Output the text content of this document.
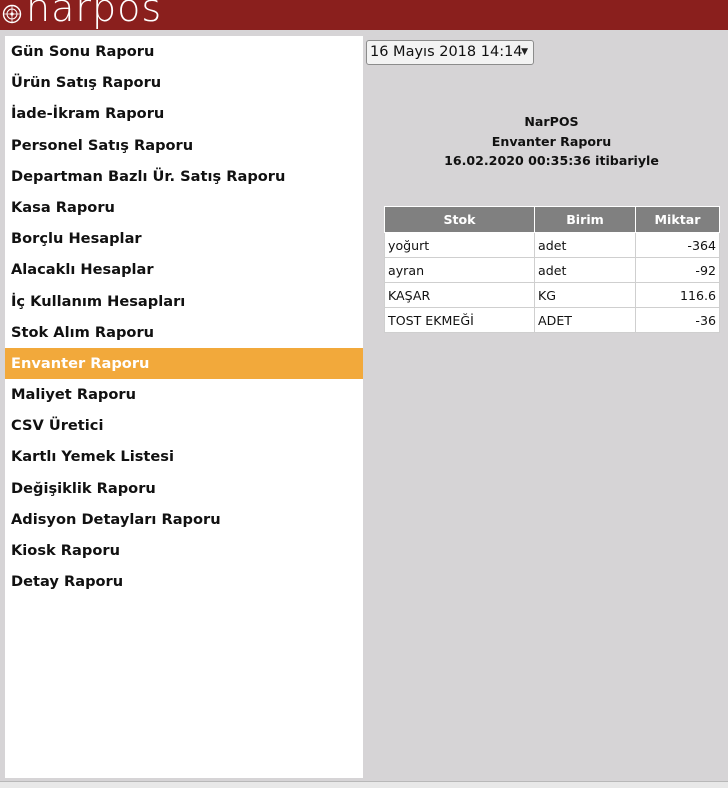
narpos
Gün Sonu Raporu
Ürün Satış Raporu
İade-İkram Raporu
Personel Satış Raporu
Departman Bazlı Ür. Satış Raporu
Kasa Raporu
Borçlu Hesaplar
Alacaklı Hesaplar
İç Kullanım Hesapları
Stok Alım Raporu
Envanter Raporu
Maliyet Raporu
CSV Üretici
Kartlı Yemek Listesi
Değişiklik Raporu
Adisyon Detayları Raporu
Kiosk Raporu
Detay Raporu
16 Mayıs 2018 14:14
▼
NarPOS
Envanter Raporu
16.02.2020 00:35:36 itibariyle
Stok	Birim	Miktar
yoğurt	adet	-364
ayran	adet	-92
KAŞAR	KG	116.6
TOST EKMEĞİ	ADET	-36
